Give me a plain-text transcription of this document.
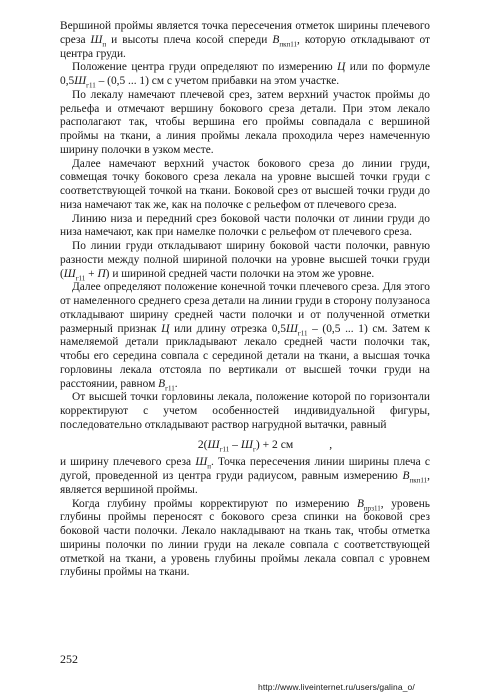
Вершиной проймы является точка пересечения отметок ширины плечевого среза $Ш_п$ и высоты плеча косой спереди $В_{пкп11}$, которую откладывают от центра груди.

Положение центра груди определяют по измерению Ц или по формуле $0,5Ш_{г11} - (0,5$ ... 1) см с учетом прибавки на этом участке.

По лекалу намечают плечевой срез, затем верхний участок проймы до рельефа и отмечают вершину бокового среза детали. При этом лекало располагают так, чтобы вершина его проймы совпадала с вершиной проймы на ткани, а линия проймы лекала проходила через намеченную ширину полочки в узком месте.

Далее намечают верхний участок бокового среза до линии груди, совмещая точку бокового среза лекала на уровне высшей точки груди с соответствующей точкой на ткани. Боковой срез от высшей точки груди до низа намечают так же, как на полочке с рельефом от плечевого среза.

Линию низа и передний срез боковой части полочки от линии груди до низа намечают, как при намелке полочки с рельефом от плечевого среза.

По линии груди откладывают ширину боковой части полочки, равную разности между полной шириной полочки на уровне высшей точки груди $(Ш_{г11} + П)$ и шириной средней части полочки на этом же уровне.

Далее определяют положение конечной точки плечевого среза. Для этого от намеленного среднего среза детали на линии груди в сторону полузаноса откладывают ширину средней части полочки и от полученной отметки размерный признак Ц или длину отрезка $0,5Ш_{г11} - (0,5$ ... 1) см. Затем к намеляемой детали прикладывают лекало средней части полочки так, чтобы его середина совпала с серединой детали на ткани, а высшая точка горловины лекала отстояла по вертикали от высшей точки груди на расстоянии, равном $В_{г11}$.

От высшей точки горловины лекала, положение которой по горизонтали корректируют с учетом особенностей индивидуальной фигуры, последовательно откладывают раствор нагрудной вытачки, равный

$2(Ш_{г11} - Ш_г) + 2$ см	,

и ширину плечевого среза $Ш_п$. Точка пересечения линии ширины плеча с дугой, проведенной из центра груди радиусом, равным измерению $В_{пкп11}$, является вершиной проймы.

Когда глубину проймы корректируют по измерению $В_{прз11}$, уровень глубины проймы переносят с бокового среза спинки на боковой срез боковой части полочки. Лекало накладывают на ткань так, чтобы отметка ширины полочки по линии груди на лекале совпала с соответствующей отметкой на ткани, а уровень глубины проймы лекала совпал с уровнем глубины проймы на ткани.

252
http://www.liveinternet.ru/users/galina_o/
